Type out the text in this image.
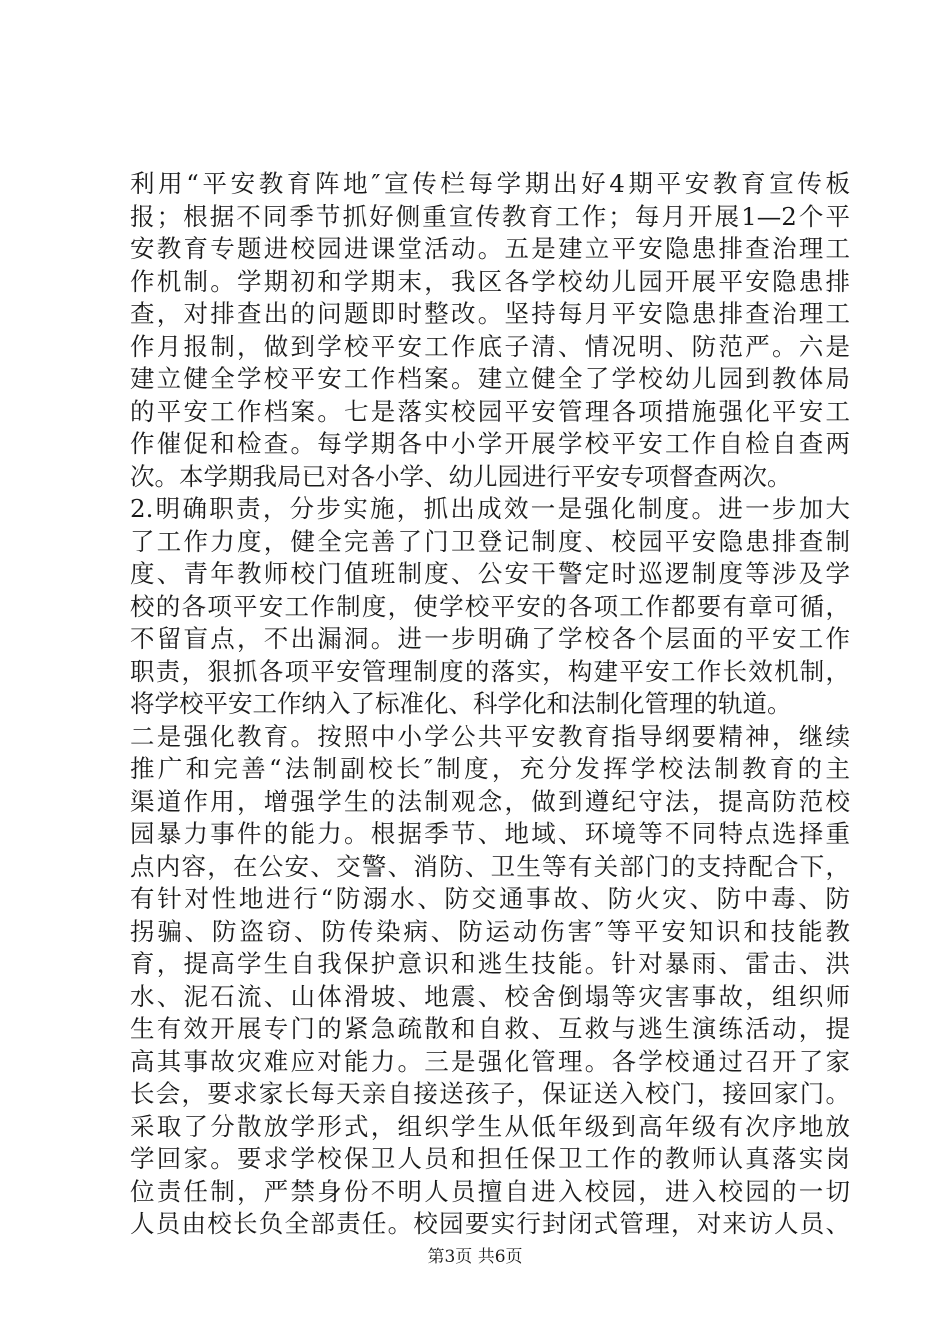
利用“平安教育阵地″宣传栏每学期出好4期平安教育宣传板
报；根据不同季节抓好侧重宣传教育工作；每月开展1—2个平
安教育专题进校园进课堂活动。五是建立平安隐患排查治理工
作机制。学期初和学期末，我区各学校幼儿园开展平安隐患排
查，对排查出的问题即时整改。坚持每月平安隐患排查治理工
作月报制，做到学校平安工作底子清、情况明、防范严。六是
建立健全学校平安工作档案。建立健全了学校幼儿园到教体局
的平安工作档案。七是落实校园平安管理各项措施强化平安工
作催促和检查。每学期各中小学开展学校平安工作自检自查两
次。本学期我局已对各小学、幼儿园进行平安专项督查两次。
2.明确职责，分步实施，抓出成效一是强化制度。进一步加大
了工作力度，健全完善了门卫登记制度、校园平安隐患排查制
度、青年教师校门值班制度、公安干警定时巡逻制度等涉及学
校的各项平安工作制度，使学校平安的各项工作都要有章可循，
不留盲点，不出漏洞。进一步明确了学校各个层面的平安工作
职责，狠抓各项平安管理制度的落实，构建平安工作长效机制，
将学校平安工作纳入了标准化、科学化和法制化管理的轨道。
二是强化教育。按照中小学公共平安教育指导纲要精神，继续
推广和完善“法制副校长″制度，充分发挥学校法制教育的主
渠道作用，增强学生的法制观念，做到遵纪守法，提高防范校
园暴力事件的能力。根据季节、地域、环境等不同特点选择重
点内容，在公安、交警、消防、卫生等有关部门的支持配合下，
有针对性地进行“防溺水、防交通事故、防火灾、防中毒、防
拐骗、防盗窃、防传染病、防运动伤害″等平安知识和技能教
育，提高学生自我保护意识和逃生技能。针对暴雨、雷击、洪
水、泥石流、山体滑坡、地震、校舍倒塌等灾害事故，组织师
生有效开展专门的紧急疏散和自救、互救与逃生演练活动，提
高其事故灾难应对能力。三是强化管理。各学校通过召开了家
长会，要求家长每天亲自接送孩子，保证送入校门，接回家门。
采取了分散放学形式，组织学生从低年级到高年级有次序地放
学回家。要求学校保卫人员和担任保卫工作的教师认真落实岗
位责任制，严禁身份不明人员擅自进入校园，进入校园的一切
人员由校长负全部责任。校园要实行封闭式管理，对来访人员、
第3页 共6页
